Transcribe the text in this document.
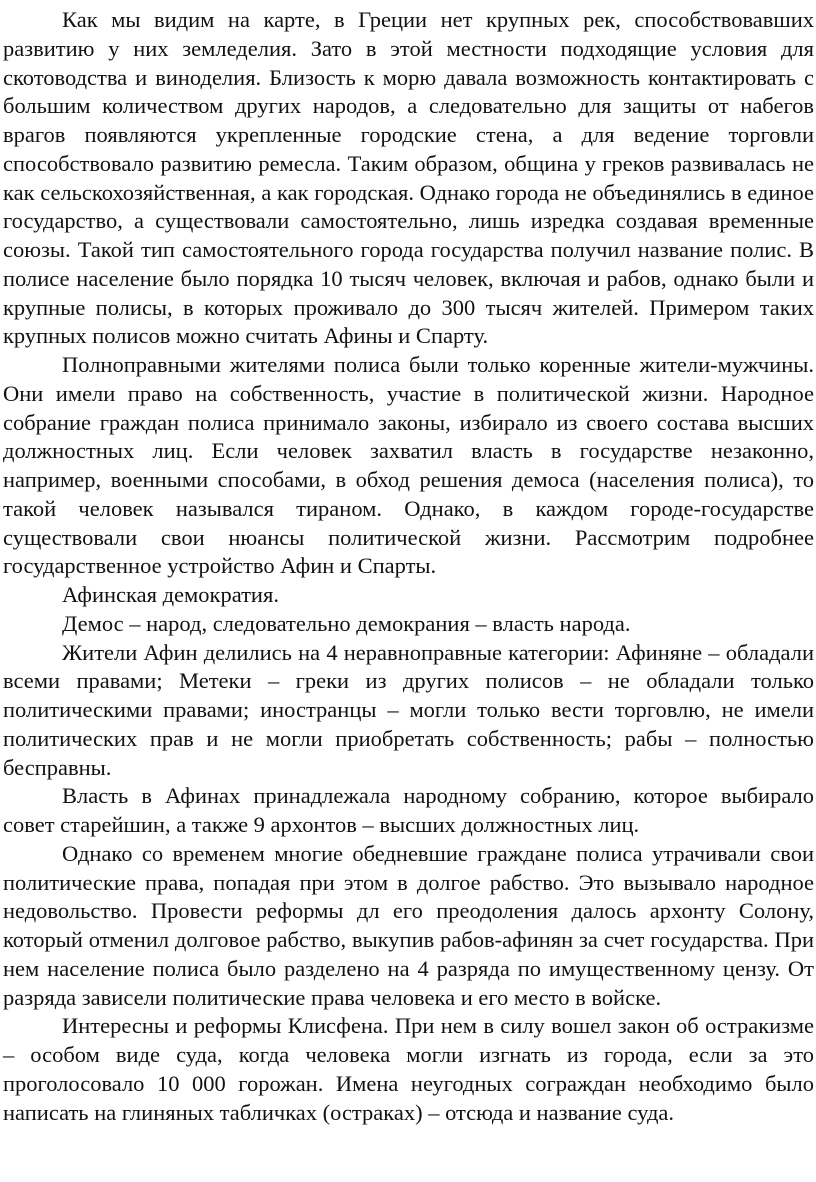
Как мы видим на карте, в Греции нет крупных рек, способствовавших развитию у них земледелия. Зато в этой местности подходящие условия для скотоводства и виноделия. Близость к морю давала возможность контактировать с большим количеством других народов, а следовательно для защиты от набегов врагов появляются укрепленные городские стена, а для ведение торговли способствовало развитию ремесла. Таким образом, община у греков развивалась не как сельскохозяйственная, а как городская. Однако города не объединялись в единое государство, а существовали самостоятельно, лишь изредка создавая временные союзы. Такой тип самостоятельного города государства получил название полис. В полисе население было порядка 10 тысяч человек, включая и рабов, однако были и крупные полисы, в которых проживало до 300 тысяч жителей. Примером таких крупных полисов можно считать Афины и Спарту.

Полноправными жителями полиса были только коренные жители-мужчины. Они имели право на собственность, участие в политической жизни. Народное собрание граждан полиса принимало законы, избирало из своего состава высших должностных лиц. Если человек захватил власть в государстве незаконно, например, военными способами, в обход решения демоса (населения полиса), то такой человек назывался тираном. Однако, в каждом городе-государстве существовали свои нюансы политической жизни. Рассмотрим подробнее государственное устройство Афин и Спарты.

Афинская демократия.

Демос – народ, следовательно демокрания – власть народа.

Жители Афин делились на 4 неравноправные категории: Афиняне – обладали всеми правами; Метеки – греки из других полисов – не обладали только политическими правами; иностранцы – могли только вести торговлю, не имели политических прав и не могли приобретать собственность; рабы – полностью бесправны.

Власть в Афинах принадлежала народному собранию, которое выбирало совет старейшин, а также 9 архонтов – высших должностных лиц.

Однако со временем многие обедневшие граждане полиса утрачивали свои политические права, попадая при этом в долгое рабство. Это вызывало народное недовольство. Провести реформы дл его преодоления далось архонту Солону, который отменил долговое рабство, выкупив рабов-афинян за счет государства. При нем население полиса было разделено на 4 разряда по имущественному цензу. От разряда зависели политические права человека и его место в войске.

Интересны и реформы Клисфена. При нем в силу вошел закон об остракизме – особом виде суда, когда человека могли изгнать из города, если за это проголосовало 10 000 горожан. Имена неугодных сограждан необходимо было написать на глиняных табличках (остраках) – отсюда и название суда.
